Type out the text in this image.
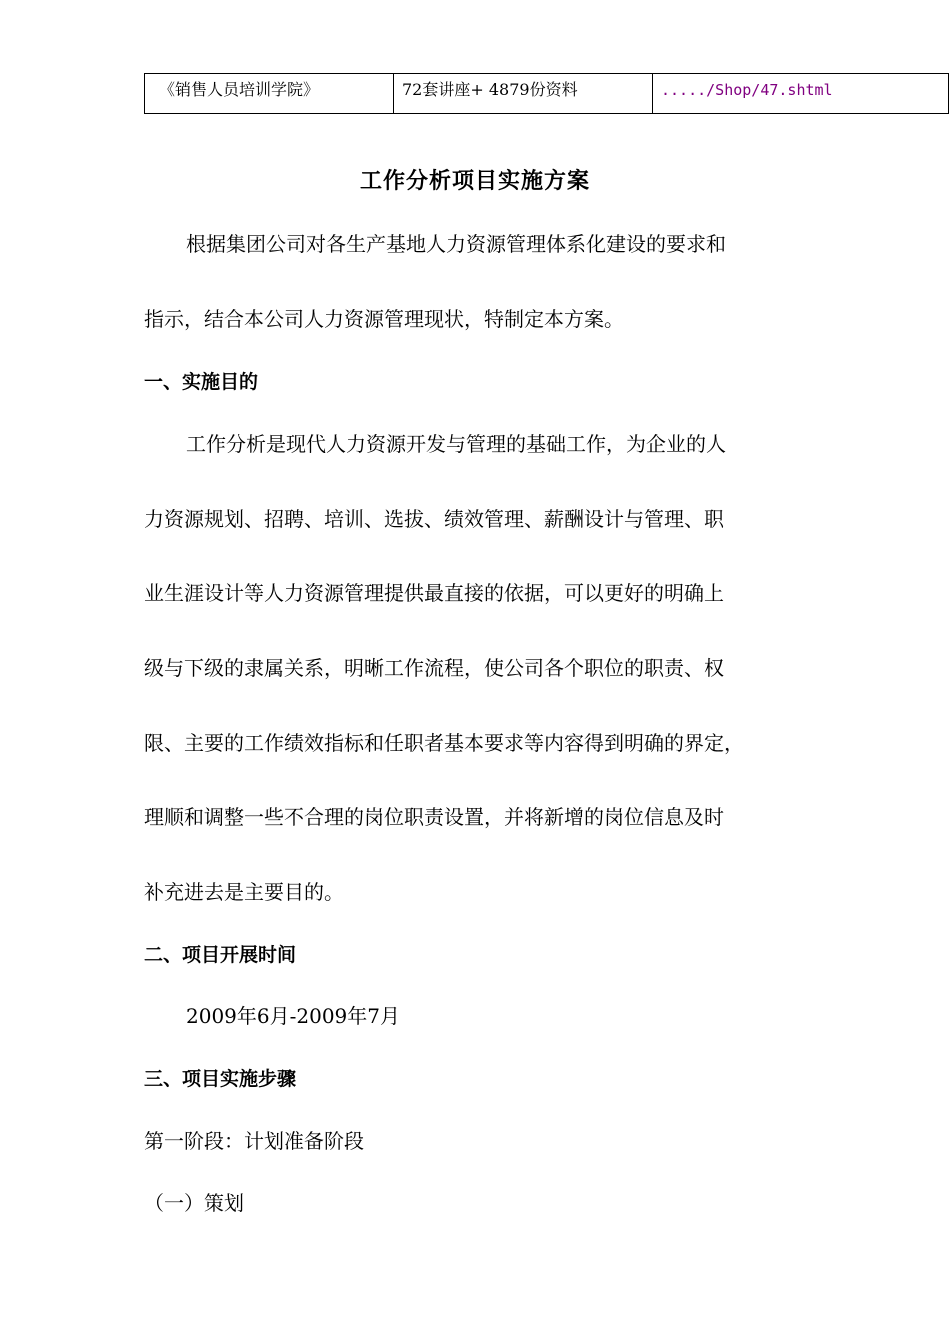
《销售人员培训学院》	72套讲座+ 4879份资料	...../Shop/47.shtml
工作分析项目实施方案
根据集团公司对各生产基地人力资源管理体系化建设的要求和
指示，结合本公司人力资源管理现状，特制定本方案。
一、实施目的
工作分析是现代人力资源开发与管理的基础工作，为企业的人
力资源规划、招聘、培训、选拔、绩效管理、薪酬设计与管理、职
业生涯设计等人力资源管理提供最直接的依据，可以更好的明确上
级与下级的隶属关系，明晰工作流程，使公司各个职位的职责、权
限、主要的工作绩效指标和任职者基本要求等内容得到明确的界定，
理顺和调整一些不合理的岗位职责设置，并将新增的岗位信息及时
补充进去是主要目的。
二、项目开展时间
2009年6月-2009年7月
三、项目实施步骤
第一阶段：计划准备阶段
（一）策划
